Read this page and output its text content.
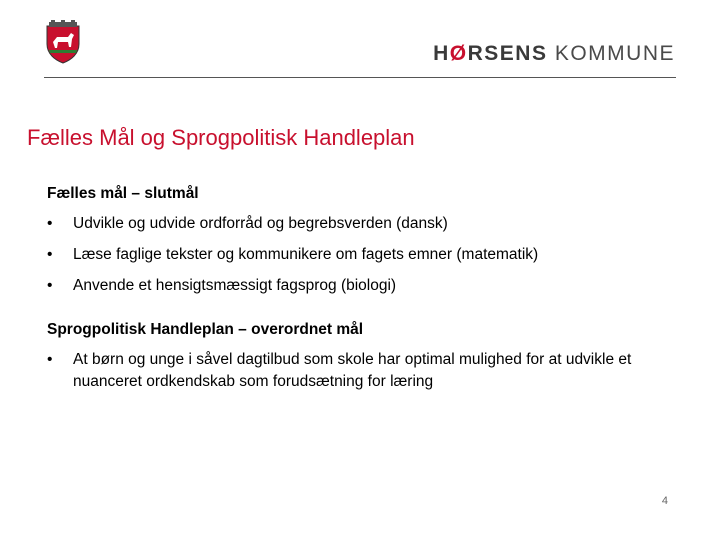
HØRSENS KOMMUNE
Fælles Mål og Sprogpolitisk Handleplan
Fælles mål – slutmål
• Udvikle og udvide ordforråd og begrebsverden (dansk)
• Læse faglige tekster og kommunikere om fagets emner (matematik)
• Anvende et hensigtsmæssigt fagsprog (biologi)
Sprogpolitisk Handleplan – overordnet mål
• At børn og unge i såvel dagtilbud som skole har optimal mulighed for at udvikle et nuanceret ordkendskab som forudsætning for læring
4
